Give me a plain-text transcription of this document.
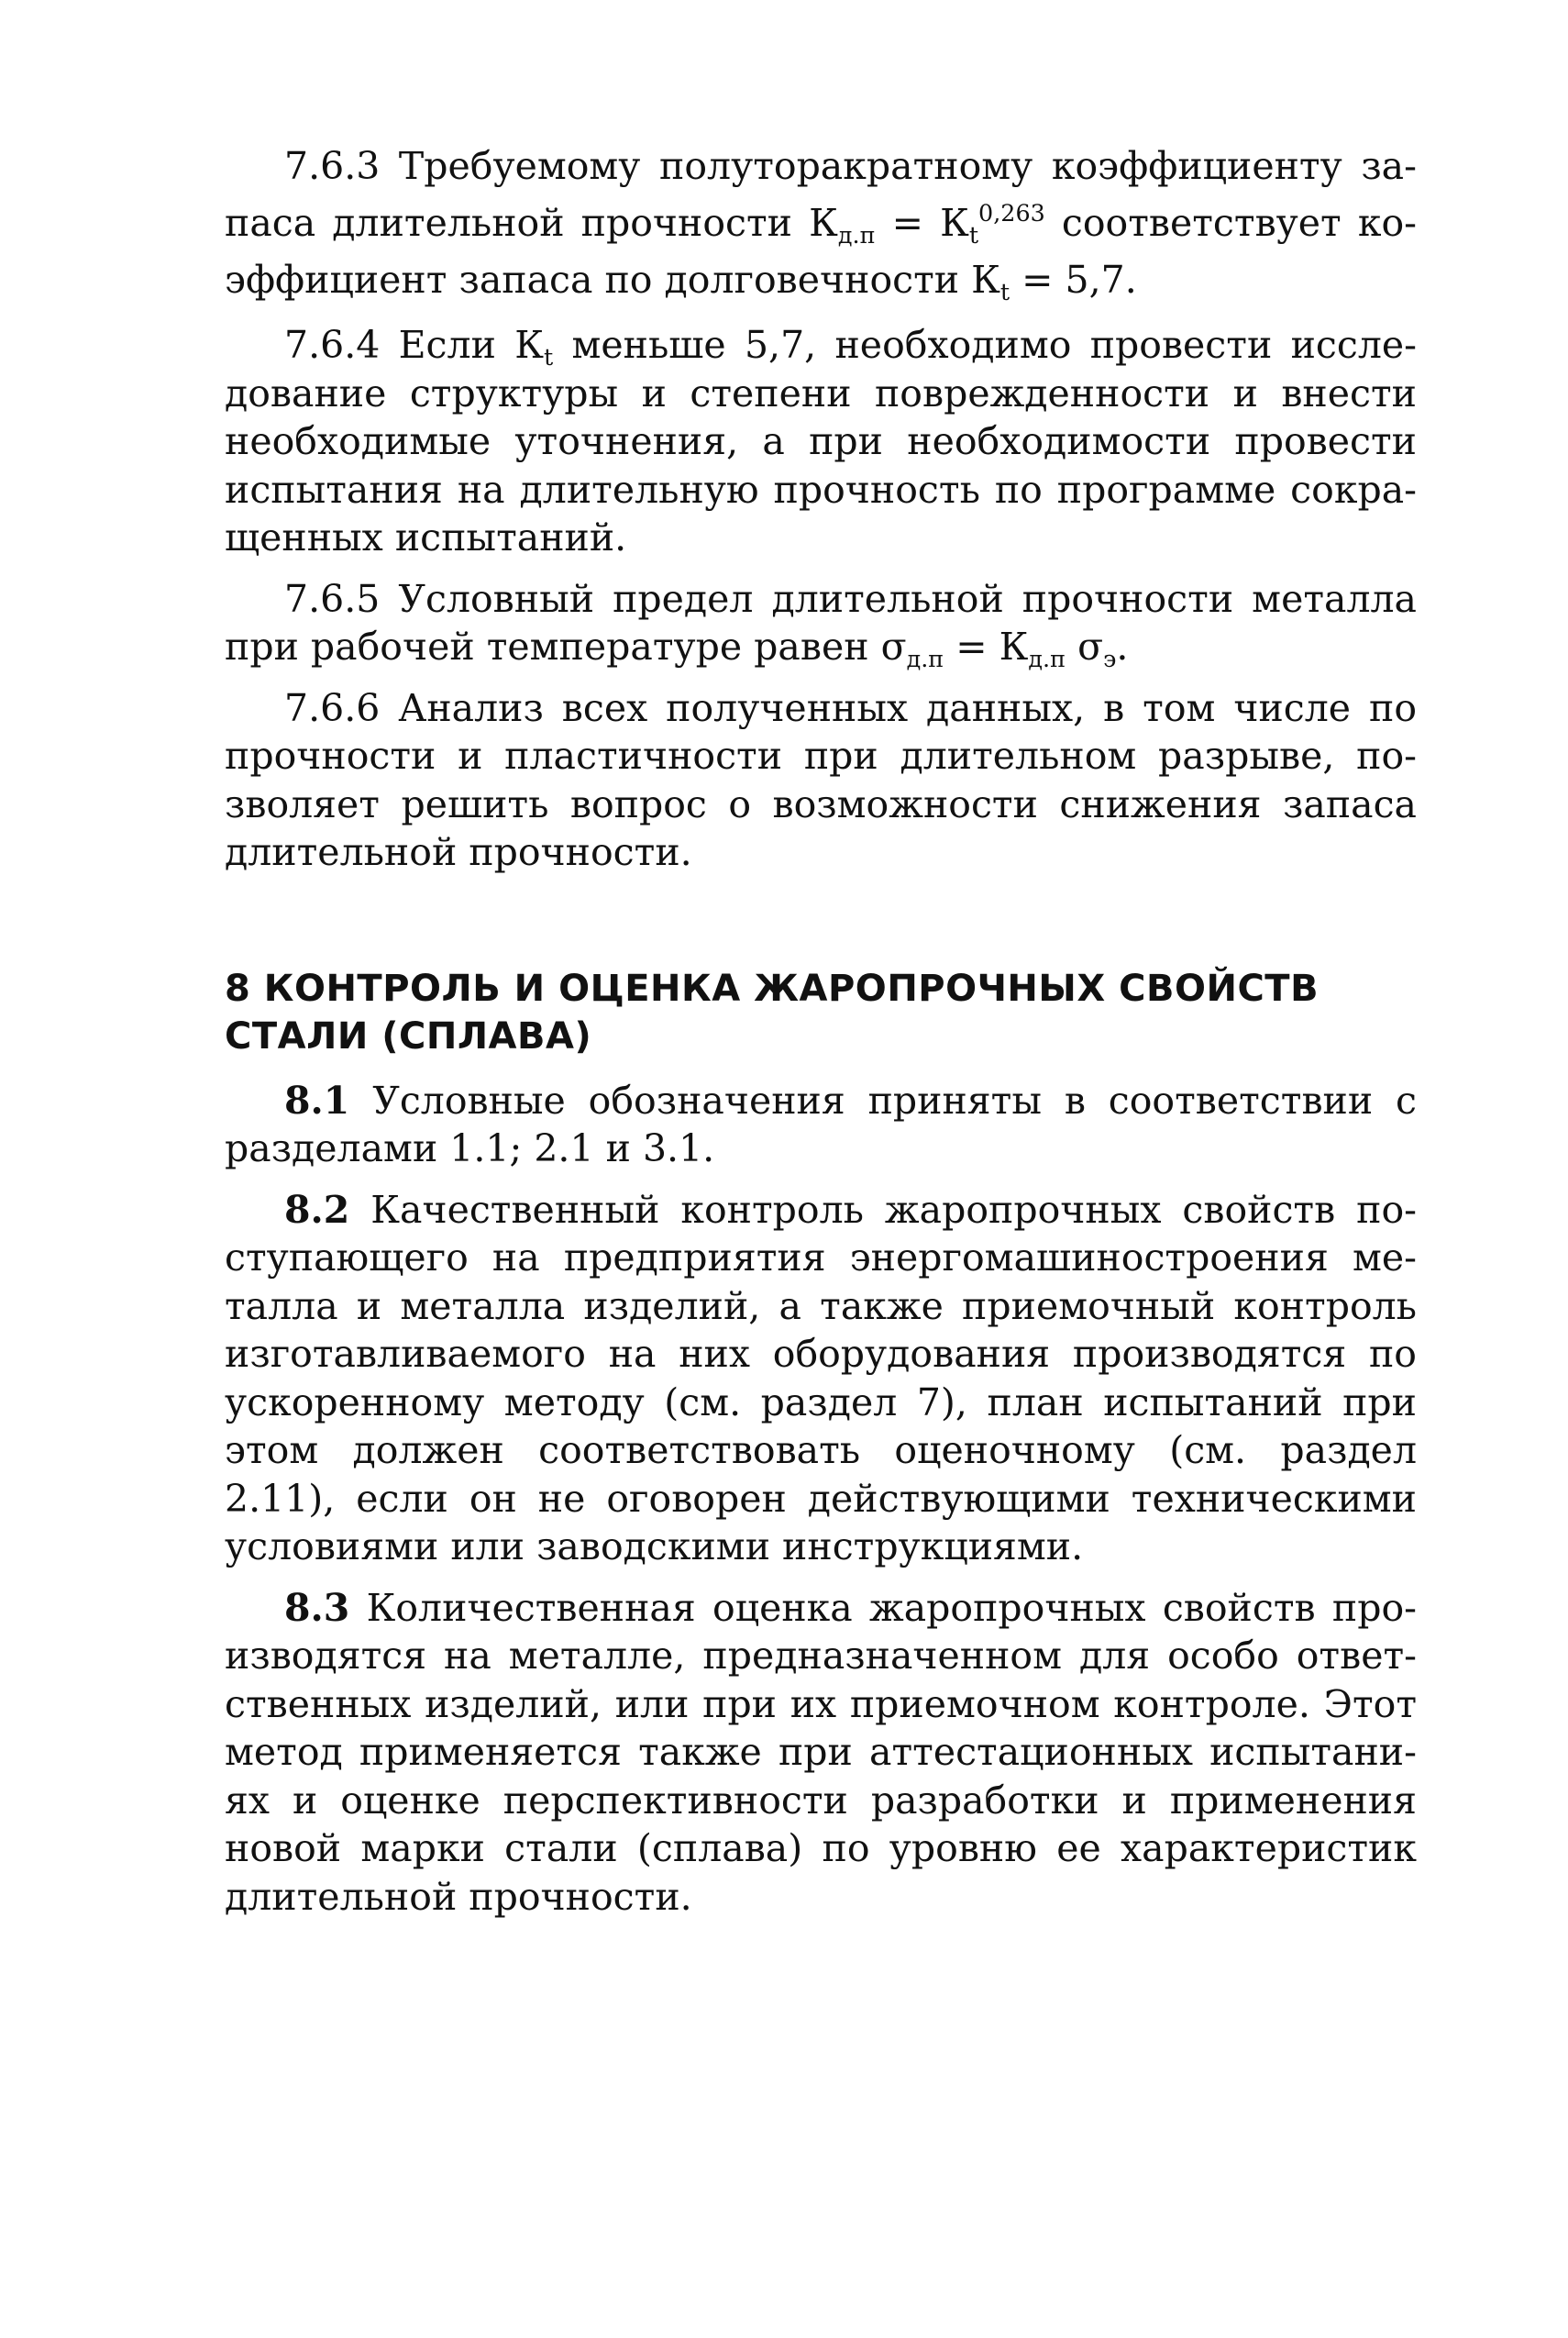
7.6.3 Требуемому полуторакратному коэффициенту запаса длительной прочности $К_{д.п} = К_t^{0,263}$ соответствует коэффициент запаса по долговечности $К_t = 5,7$.

7.6.4 Если $К_t$ меньше 5,7, необходимо провести исследование структуры и степени поврежденности и внести необходимые уточнения, а при необходимости провести испытания на длительную прочность по программе сокращенных испытаний.

7.6.5 Условный предел длительной прочности металла при рабочей температуре равен $\sigma_{д.п} = К_{д.п}$ $\sigma_э$.

7.6.6 Анализ всех полученных данных, в том числе по прочности и пластичности при длительном разрыве, позволяет решить вопрос о возможности снижения запаса длительной прочности.

8 КОНТРОЛЬ И ОЦЕНКА ЖАРОПРОЧНЫХ СВОЙСТВ СТАЛИ (СПЛАВА)

8.1 Условные обозначения приняты в соответствии с разделами 1.1; 2.1 и 3.1.

8.2 Качественный контроль жаропрочных свойств поступающего на предприятия энергомашиностроения металла и металла изделий, а также приемочный контроль изготавливаемого на них оборудования производятся по ускоренному методу (см. раздел 7), план испытаний при этом должен соответствовать оценочному (см. раздел 2.11), если он не оговорен действующими техническими условиями или заводскими инструкциями.

8.3 Количественная оценка жаропрочных свойств производятся на металле, предназначенном для особо ответственных изделий, или при их приемочном контроле. Этот метод применяется также при аттестационных испытаниях и оценке перспективности разработки и применения новой марки стали (сплава) по уровню ее характеристик длительной прочности.
